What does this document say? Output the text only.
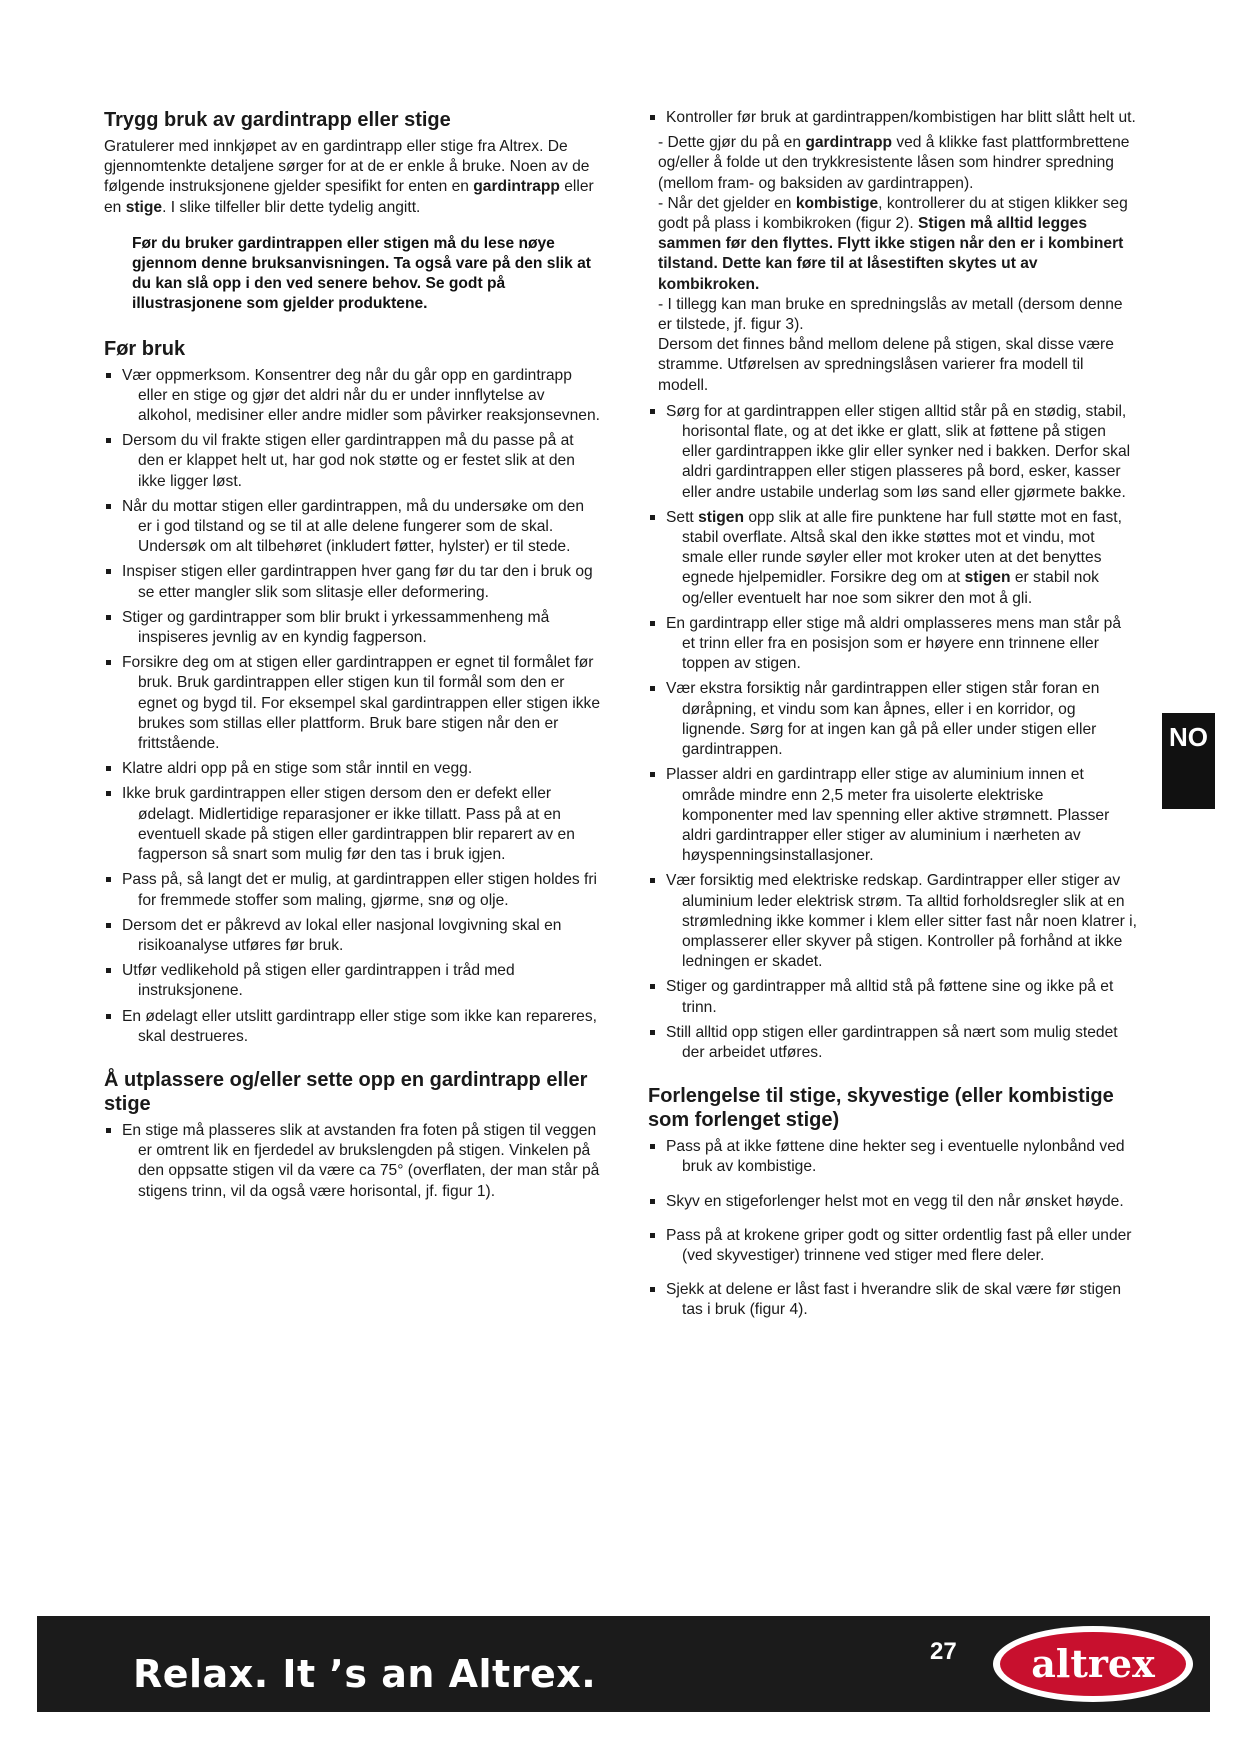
Trygg bruk av gardintrapp eller stige

Gratulerer med innkjøpet av en gardintrapp eller stige fra Altrex. De gjennomtenkte detaljene sørger for at de er enkle å bruke. Noen av de følgende instruksjonene gjelder spesifikt for enten en gardintrapp eller en stige. I slike tilfeller blir dette tydelig angitt.

Før du bruker gardintrappen eller stigen må du lese nøye gjennom denne bruksanvisningen. Ta også vare på den slik at du kan slå opp i den ved senere behov. Se godt på illustrasjonene som gjelder produktene.

Før bruk
Vær oppmerksom. Konsentrer deg når du går opp en gardintrapp eller en stige og gjør det aldri når du er under innflytelse av alkohol, medisiner eller andre midler som påvirker reaksjonsevnen.
Dersom du vil frakte stigen eller gardintrappen må du passe på at den er klappet helt ut, har god nok støtte og er festet slik at den ikke ligger løst.
Når du mottar stigen eller gardintrappen, må du undersøke om den er i god tilstand og se til at alle delene fungerer som de skal. Undersøk om alt tilbehøret (inkludert føtter, hylster) er til stede.
Inspiser stigen eller gardintrappen hver gang før du tar den i bruk og se etter mangler slik som slitasje eller deformering.
Stiger og gardintrapper som blir brukt i yrkessammenheng må inspiseres jevnlig av en kyndig fagperson.
Forsikre deg om at stigen eller gardintrappen er egnet til formålet før bruk. Bruk gardintrappen eller stigen kun til formål som den er egnet og bygd til. For eksempel skal gardintrappen eller stigen ikke brukes som stillas eller plattform. Bruk bare stigen når den er frittstående.
Klatre aldri opp på en stige som står inntil en vegg.
Ikke bruk gardintrappen eller stigen dersom den er defekt eller ødelagt. Midlertidige reparasjoner er ikke tillatt. Pass på at en eventuell skade på stigen eller gardintrappen blir reparert av en fagperson så snart som mulig før den tas i bruk igjen.
Pass på, så langt det er mulig, at gardintrappen eller stigen holdes fri for fremmede stoffer som maling, gjørme, snø og olje.
Dersom det er påkrevd av lokal eller nasjonal lovgivning skal en risikoanalyse utføres før bruk.
Utfør vedlikehold på stigen eller gardintrappen i tråd med instruksjonene.
En ødelagt eller utslitt gardintrapp eller stige som ikke kan repareres, skal destrueres.
Å utplassere og/eller sette opp en gardintrapp eller stige
En stige må plasseres slik at avstanden fra foten på stigen til veggen er omtrent lik en fjerdedel av brukslengden på stigen. Vinkelen på den oppsatte stigen vil da være ca 75° (overflaten, der man står på stigens trinn, vil da også være horisontal, jf. figur 1).
Kontroller før bruk at gardintrappen/kombistigen har blitt slått helt ut.

- Dette gjør du på en gardintrapp ved å klikke fast plattformbrettene og/eller å folde ut den trykkresistente låsen som hindrer spredning (mellom fram- og baksiden av gardintrappen).

- Når det gjelder en kombistige, kontrollerer du at stigen klikker seg godt på plass i kombikroken (figur 2). Stigen må alltid legges sammen før den flyttes. Flytt ikke stigen når den er i kombinert tilstand. Dette kan føre til at låsestiften skytes ut av kombikroken.

- I tillegg kan man bruke en spredningslås av metall (dersom denne er tilstede, jf. figur 3).

Dersom det finnes bånd mellom delene på stigen, skal disse være stramme. Utførelsen av spredningslåsen varierer fra modell til modell.

Sørg for at gardintrappen eller stigen alltid står på en stødig, stabil, horisontal flate, og at det ikke er glatt, slik at føttene på stigen eller gardintrappen ikke glir eller synker ned i bakken. Derfor skal aldri gardintrappen eller stigen plasseres på bord, esker, kasser eller andre ustabile underlag som løs sand eller gjørmete bakke.
Sett stigen opp slik at alle fire punktene har full støtte mot en fast, stabil overflate. Altså skal den ikke støttes mot et vindu, mot smale eller runde søyler eller mot kroker uten at det benyttes egnede hjelpemidler. Forsikre deg om at stigen er stabil nok og/eller eventuelt har noe som sikrer den mot å gli.
En gardintrapp eller stige må aldri omplasseres mens man står på et trinn eller fra en posisjon som er høyere enn trinnene eller toppen av stigen.
Vær ekstra forsiktig når gardintrappen eller stigen står foran en døråpning, et vindu som kan åpnes, eller i en korridor, og lignende. Sørg for at ingen kan gå på eller under stigen eller gardintrappen.
Plasser aldri en gardintrapp eller stige av aluminium innen et område mindre enn 2,5 meter fra uisolerte elektriske komponenter med lav spenning eller aktive strømnett. Plasser aldri gardintrapper eller stiger av aluminium i nærheten av høyspenningsinstallasjoner.
Vær forsiktig med elektriske redskap. Gardintrapper eller stiger av aluminium leder elektrisk strøm. Ta alltid forholdsregler slik at en strømledning ikke kommer i klem eller sitter fast når noen klatrer i, omplasserer eller skyver på stigen. Kontroller på forhånd at ikke ledningen er skadet.
Stiger og gardintrapper må alltid stå på føttene sine og ikke på et trinn.
Still alltid opp stigen eller gardintrappen så nært som mulig stedet der arbeidet utføres.
Forlengelse til stige, skyvestige (eller kombistige som forlenget stige)
Pass på at ikke føttene dine hekter seg i eventuelle nylonbånd ved bruk av kombistige.
Skyv en stigeforlenger helst mot en vegg til den når ønsket høyde.
Pass på at krokene griper godt og sitter ordentlig fast på eller under (ved skyvestiger) trinnene ved stiger med flere deler.
Sjekk at delene er låst fast i hverandre slik de skal være før stigen tas i bruk (figur 4).
NO
Relax. It ’s an Altrex.
27 altrex
